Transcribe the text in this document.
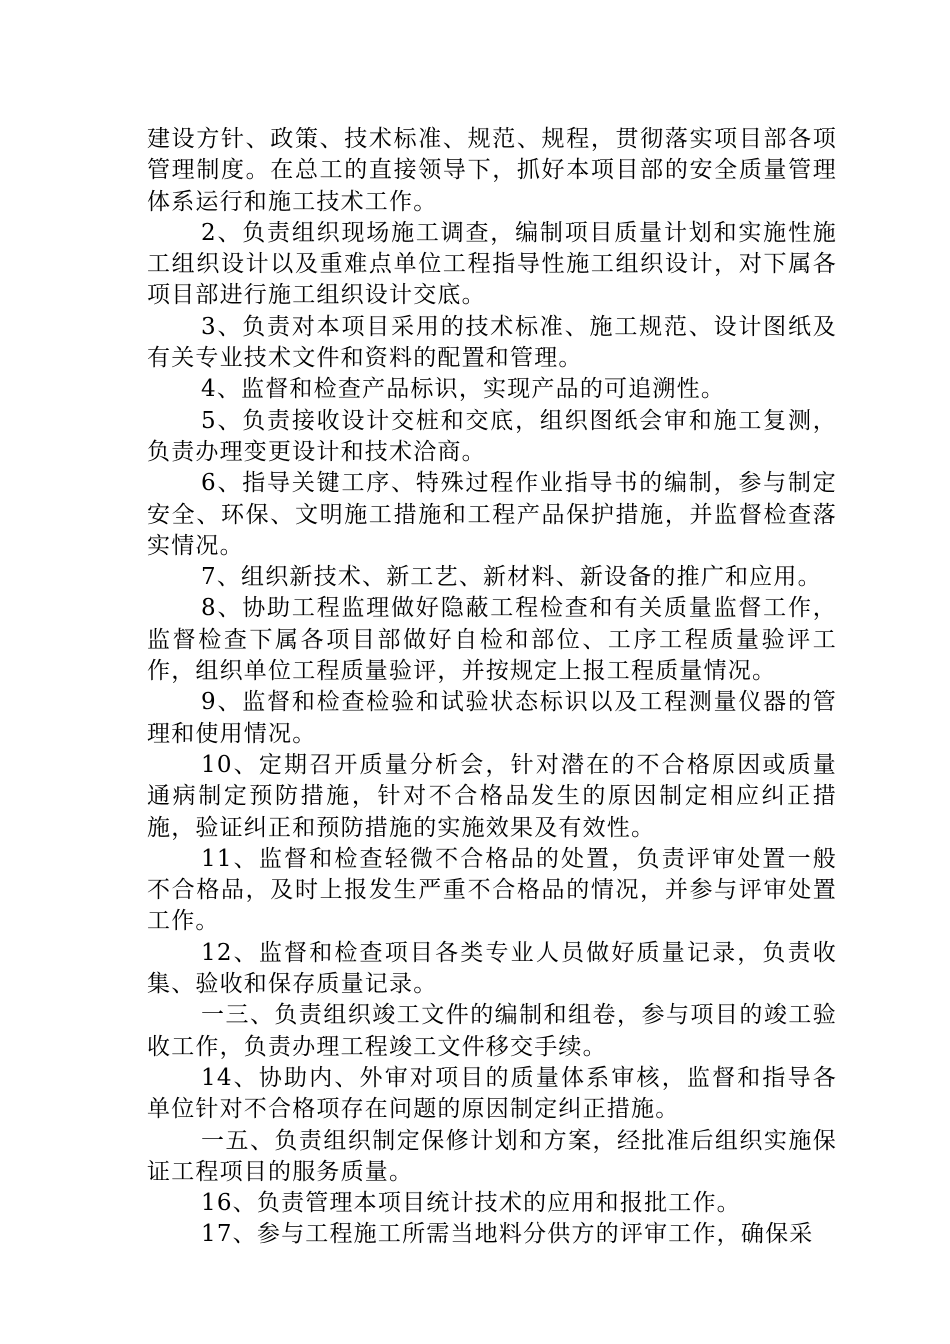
建设方针、政策、技术标准、规范、规程，贯彻落实项目部各项管理制度。在总工的直接领导下，抓好本项目部的安全质量管理体系运行和施工技术工作。

2、负责组织现场施工调查，编制项目质量计划和实施性施工组织设计以及重难点单位工程指导性施工组织设计，对下属各项目部进行施工组织设计交底。

3、负责对本项目采用的技术标准、施工规范、设计图纸及有关专业技术文件和资料的配置和管理。

4、监督和检查产品标识，实现产品的可追溯性。

5、负责接收设计交桩和交底，组织图纸会审和施工复测，负责办理变更设计和技术洽商。

6、指导关键工序、特殊过程作业指导书的编制，参与制定安全、环保、文明施工措施和工程产品保护措施，并监督检查落实情况。

7、组织新技术、新工艺、新材料、新设备的推广和应用。

8、协助工程监理做好隐蔽工程检查和有关质量监督工作，监督检查下属各项目部做好自检和部位、工序工程质量验评工作，组织单位工程质量验评，并按规定上报工程质量情况。

9、监督和检查检验和试验状态标识以及工程测量仪器的管理和使用情况。

10、定期召开质量分析会，针对潜在的不合格原因或质量通病制定预防措施，针对不合格品发生的原因制定相应纠正措施，验证纠正和预防措施的实施效果及有效性。

11、监督和检查轻微不合格品的处置，负责评审处置一般不合格品，及时上报发生严重不合格品的情况，并参与评审处置工作。

12、监督和检查项目各类专业人员做好质量记录，负责收集、验收和保存质量记录。

一三、负责组织竣工文件的编制和组卷，参与项目的竣工验收工作，负责办理工程竣工文件移交手续。

14、协助内、外审对项目的质量体系审核，监督和指导各单位针对不合格项存在问题的原因制定纠正措施。

一五、负责组织制定保修计划和方案，经批准后组织实施保证工程项目的服务质量。

16、负责管理本项目统计技术的应用和报批工作。

17、参与工程施工所需当地料分供方的评审工作，确保采
